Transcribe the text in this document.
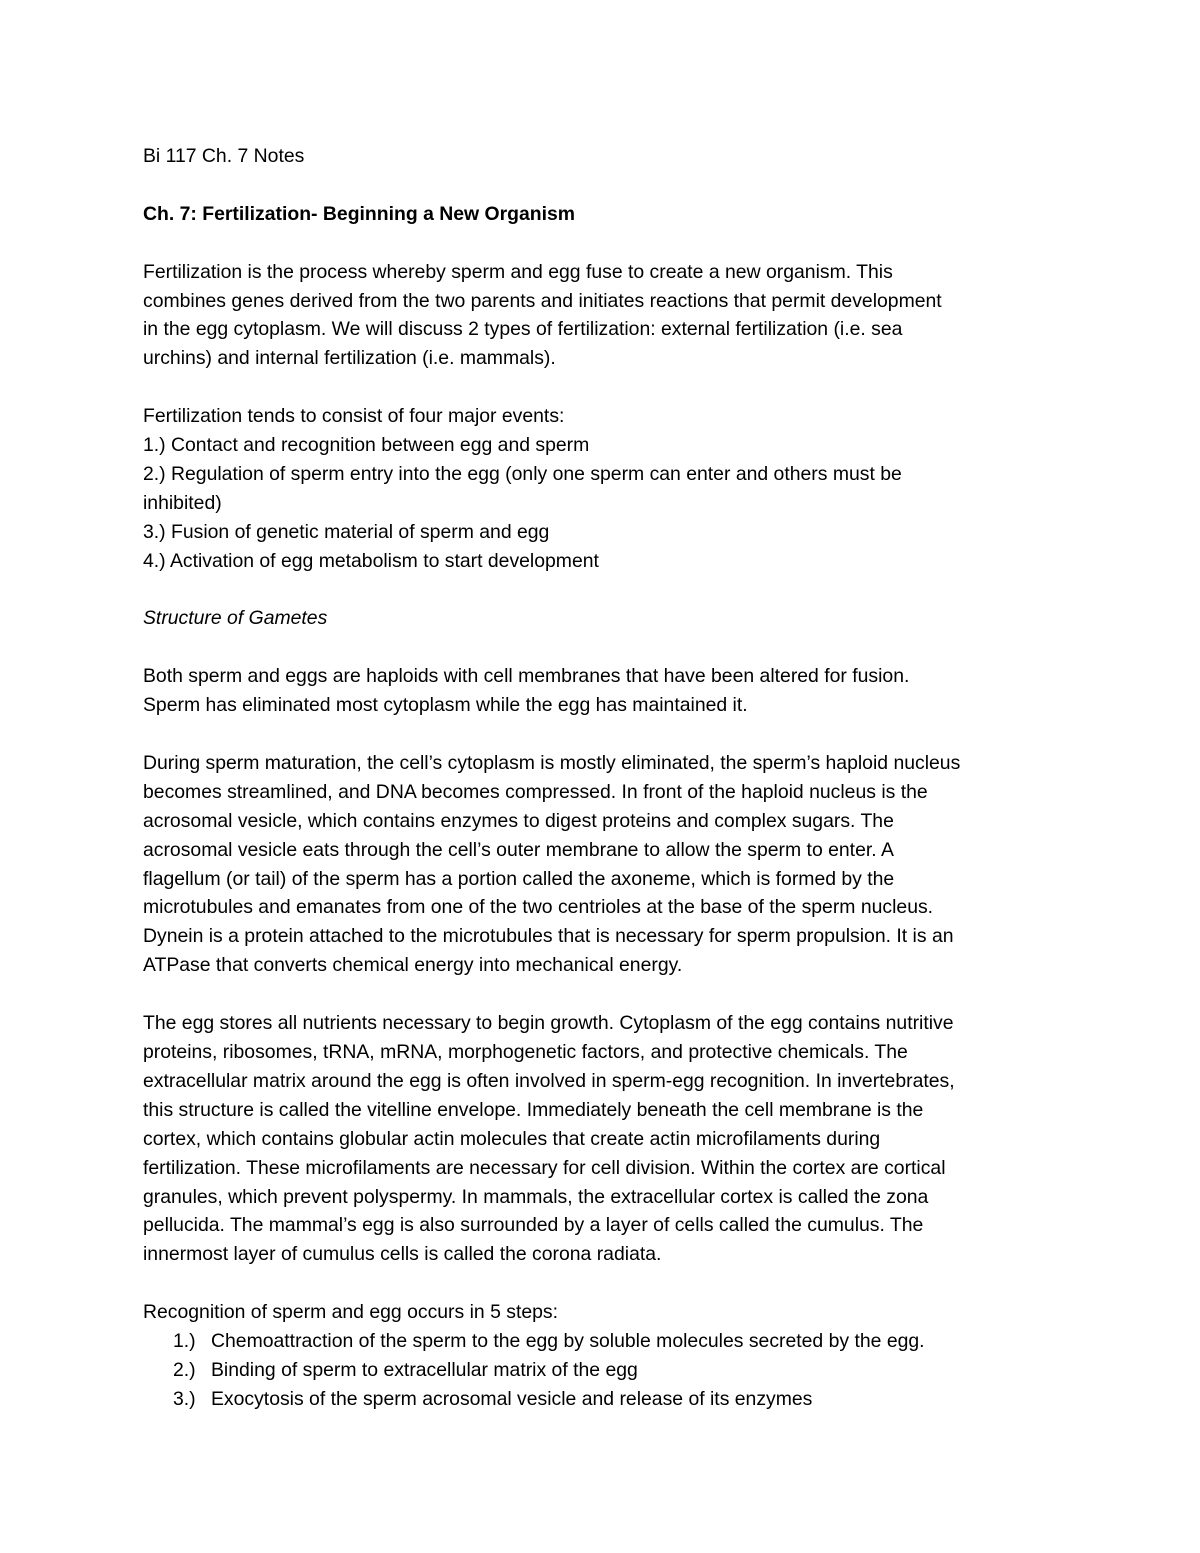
Bi 117 Ch. 7 Notes
Ch. 7: Fertilization- Beginning a New Organism
Fertilization is the process whereby sperm and egg fuse to create a new organism. This
combines genes derived from the two parents and initiates reactions that permit development
in the egg cytoplasm. We will discuss 2 types of fertilization: external fertilization (i.e. sea
urchins) and internal fertilization (i.e. mammals).
Fertilization tends to consist of four major events:
1.) Contact and recognition between egg and sperm
2.) Regulation of sperm entry into the egg (only one sperm can enter and others must be
inhibited)
3.) Fusion of genetic material of sperm and egg
4.) Activation of egg metabolism to start development
Structure of Gametes
Both sperm and eggs are haploids with cell membranes that have been altered for fusion.
Sperm has eliminated most cytoplasm while the egg has maintained it.
During sperm maturation, the cell’s cytoplasm is mostly eliminated, the sperm’s haploid nucleus
becomes streamlined, and DNA becomes compressed. In front of the haploid nucleus is the
acrosomal vesicle, which contains enzymes to digest proteins and complex sugars. The
acrosomal vesicle eats through the cell’s outer membrane to allow the sperm to enter. A
flagellum (or tail) of the sperm has a portion called the axoneme, which is formed by the
microtubules and emanates from one of the two centrioles at the base of the sperm nucleus.
Dynein is a protein attached to the microtubules that is necessary for sperm propulsion. It is an
ATPase that converts chemical energy into mechanical energy.
The egg stores all nutrients necessary to begin growth. Cytoplasm of the egg contains nutritive
proteins, ribosomes, tRNA, mRNA, morphogenetic factors, and protective chemicals. The
extracellular matrix around the egg is often involved in sperm-egg recognition. In invertebrates,
this structure is called the vitelline envelope. Immediately beneath the cell membrane is the
cortex, which contains globular actin molecules that create actin microfilaments during
fertilization. These microfilaments are necessary for cell division. Within the cortex are cortical
granules, which prevent polyspermy. In mammals, the extracellular cortex is called the zona
pellucida. The mammal’s egg is also surrounded by a layer of cells called the cumulus. The
innermost layer of cumulus cells is called the corona radiata.
Recognition of sperm and egg occurs in 5 steps:
1.) Chemoattraction of the sperm to the egg by soluble molecules secreted by the egg.
2.) Binding of sperm to extracellular matrix of the egg
3.) Exocytosis of the sperm acrosomal vesicle and release of its enzymes
